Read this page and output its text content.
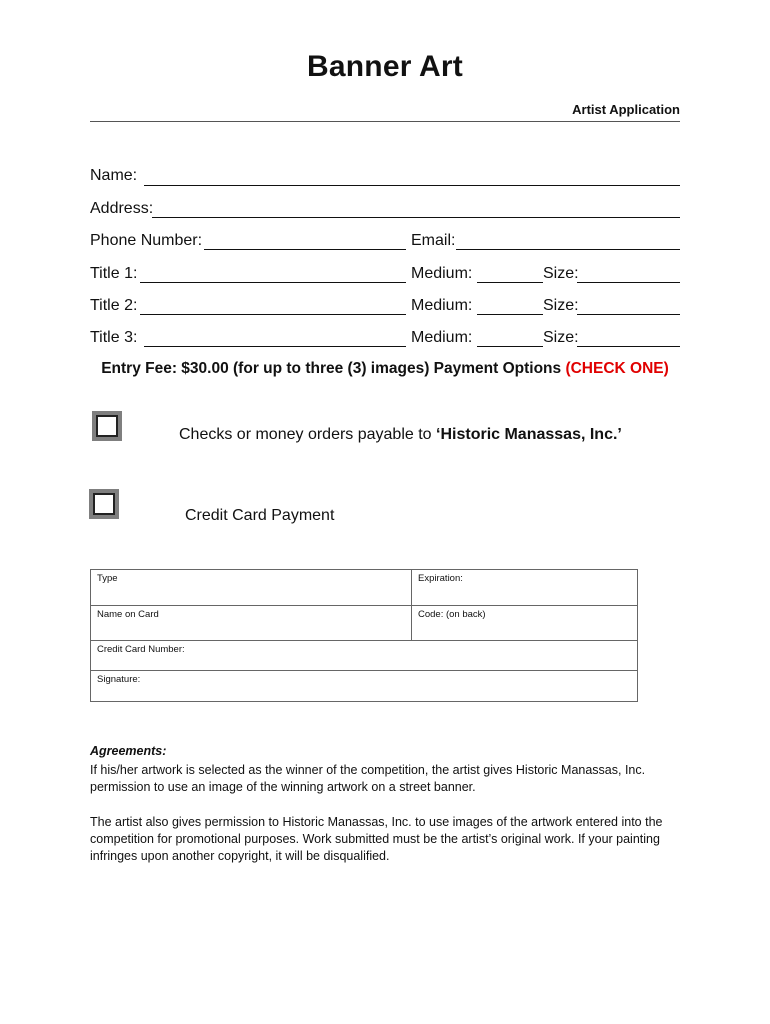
Banner Art
Artist Application
Name:
Address:
Phone Number:	Email:
Title 1:	Medium:	Size:
Title 2:	Medium:	Size:
Title 3:	Medium:	Size:
Entry Fee: $30.00 (for up to three (3) images) Payment Options (CHECK ONE)
Checks or money orders payable to ‘Historic Manassas, Inc.’
Credit Card Payment
Type	Expiration:
Name on Card	Code: (on back)
Credit Card Number:	
Signature:	
Agreements:
If his/her artwork is selected as the winner of the competition, the artist gives Historic Manassas, Inc. permission to use an image of the winning artwork on a street banner.
The artist also gives permission to Historic Manassas, Inc. to use images of the artwork entered into the competition for promotional purposes. Work submitted must be the artist’s original work. If your painting infringes upon another copyright, it will be disqualified.
